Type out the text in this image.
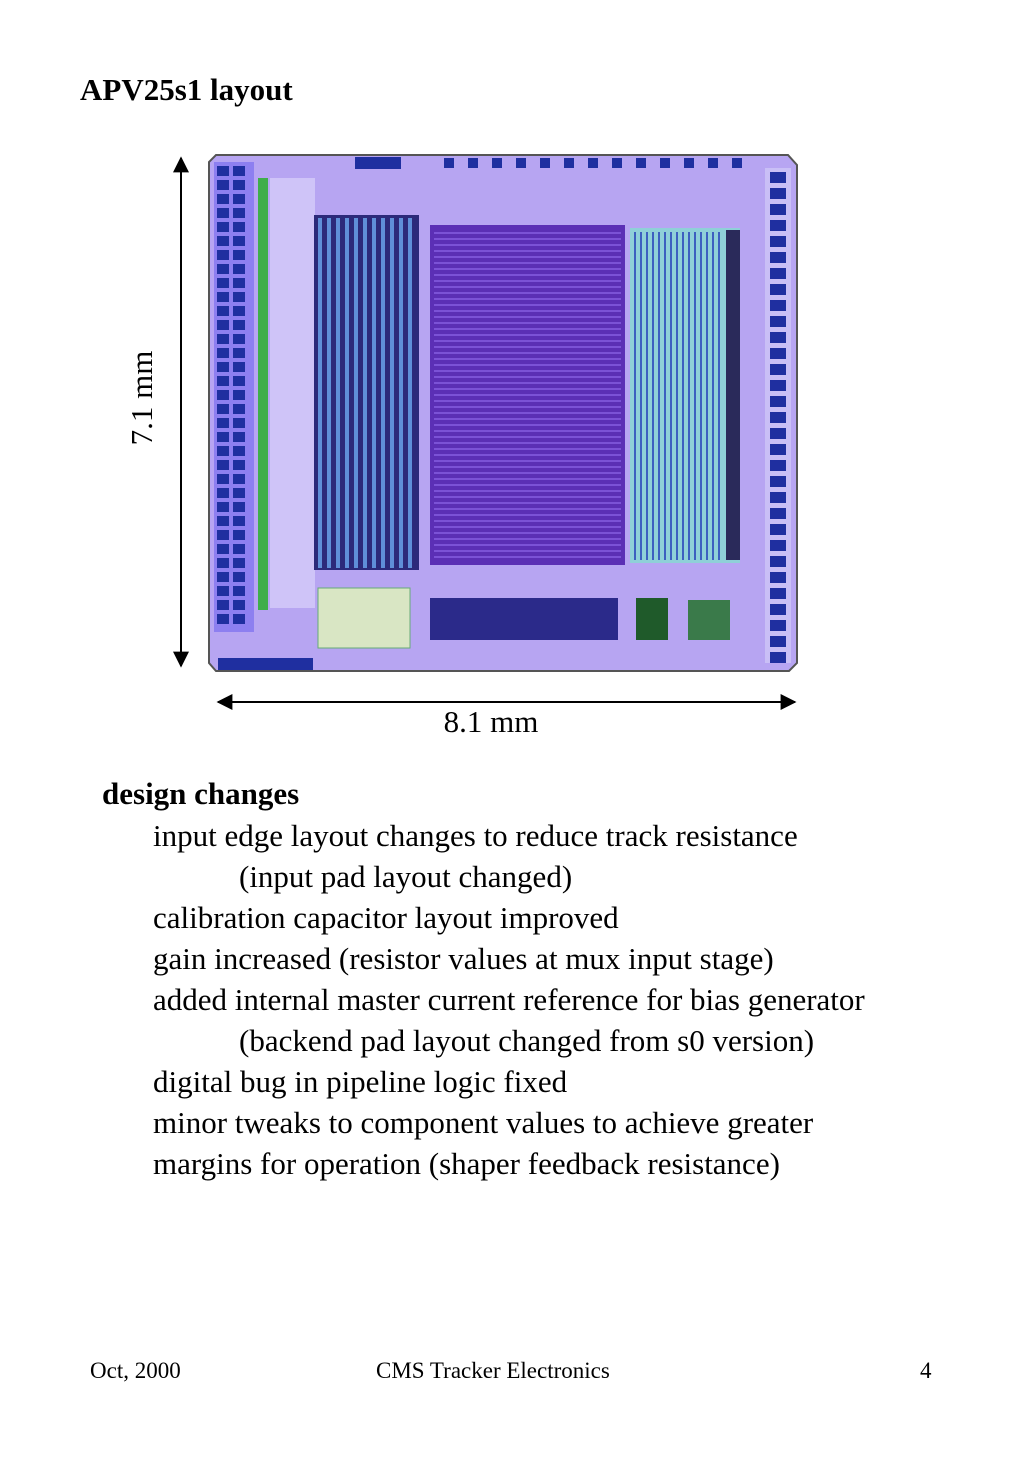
APV25s1 layout
7.1 mm
8.1 mm
design changes
input edge layout changes to reduce track resistance
(input pad layout changed)
calibration capacitor layout improved
gain increased (resistor values at mux input stage)
added internal master current reference for bias generator
(backend pad layout changed from s0 version)
digital bug in pipeline logic fixed
minor tweaks to component values to achieve greater
margins for operation (shaper feedback resistance)
Oct, 2000	CMS Tracker Electronics	4
